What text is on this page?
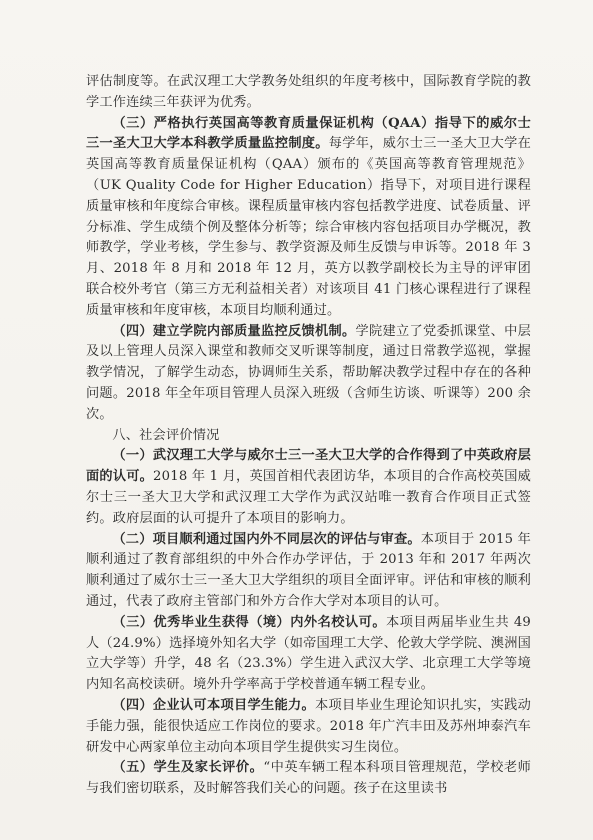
评估制度等。在武汉理工大学教务处组织的年度考核中，国际教育学院的教学工作连续三年获评为优秀。

（三）严格执行英国高等教育质量保证机构（QAA）指导下的威尔士三一圣大卫大学本科教学质量监控制度。每学年，威尔士三一圣大卫大学在英国高等教育质量保证机构（QAA）颁布的《英国高等教育管理规范》（UK Quality Code for Higher Education）指导下，对项目进行课程质量审核和年度综合审核。课程质量审核内容包括教学进度、试卷质量、评分标准、学生成绩个例及整体分析等；综合审核内容包括项目办学概况，教师教学，学业考核，学生参与、教学资源及师生反馈与申诉等。2018 年 3 月、2018 年 8 月和 2018 年 12 月，英方以教学副校长为主导的评审团联合校外考官（第三方无利益相关者）对该项目 41 门核心课程进行了课程质量审核和年度审核，本项目均顺利通过。

（四）建立学院内部质量监控反馈机制。学院建立了党委抓课堂、中层及以上管理人员深入课堂和教师交叉听课等制度，通过日常教学巡视，掌握教学情况，了解学生动态，协调师生关系，帮助解决教学过程中存在的各种问题。2018 年全年项目管理人员深入班级（含师生访谈、听课等）200 余次。

八、社会评价情况

（一）武汉理工大学与威尔士三一圣大卫大学的合作得到了中英政府层面的认可。2018 年 1 月，英国首相代表团访华，本项目的合作高校英国威尔士三一圣大卫大学和武汉理工大学作为武汉站唯一教育合作项目正式签约。政府层面的认可提升了本项目的影响力。

（二）项目顺利通过国内外不同层次的评估与审查。本项目于 2015 年顺利通过了教育部组织的中外合作办学评估，于 2013 年和 2017 年两次顺利通过了威尔士三一圣大卫大学组织的项目全面评审。评估和审核的顺利通过，代表了政府主管部门和外方合作大学对本项目的认可。

（三）优秀毕业生获得（境）内外名校认可。本项目两届毕业生共 49 人（24.9%）选择境外知名大学（如帝国理工大学、伦敦大学学院、澳洲国立大学等）升学，48 名（23.3%）学生进入武汉大学、北京理工大学等境内知名高校读研。境外升学率高于学校普通车辆工程专业。

（四）企业认可本项目学生能力。本项目毕业生理论知识扎实，实践动手能力强，能很快适应工作岗位的要求。2018 年广汽丰田及苏州坤泰汽车研发中心两家单位主动向本项目学生提供实习生岗位。

（五）学生及家长评价。“中英车辆工程本科项目管理规范，学校老师与我们密切联系，及时解答我们关心的问题。孩子在这里读书
